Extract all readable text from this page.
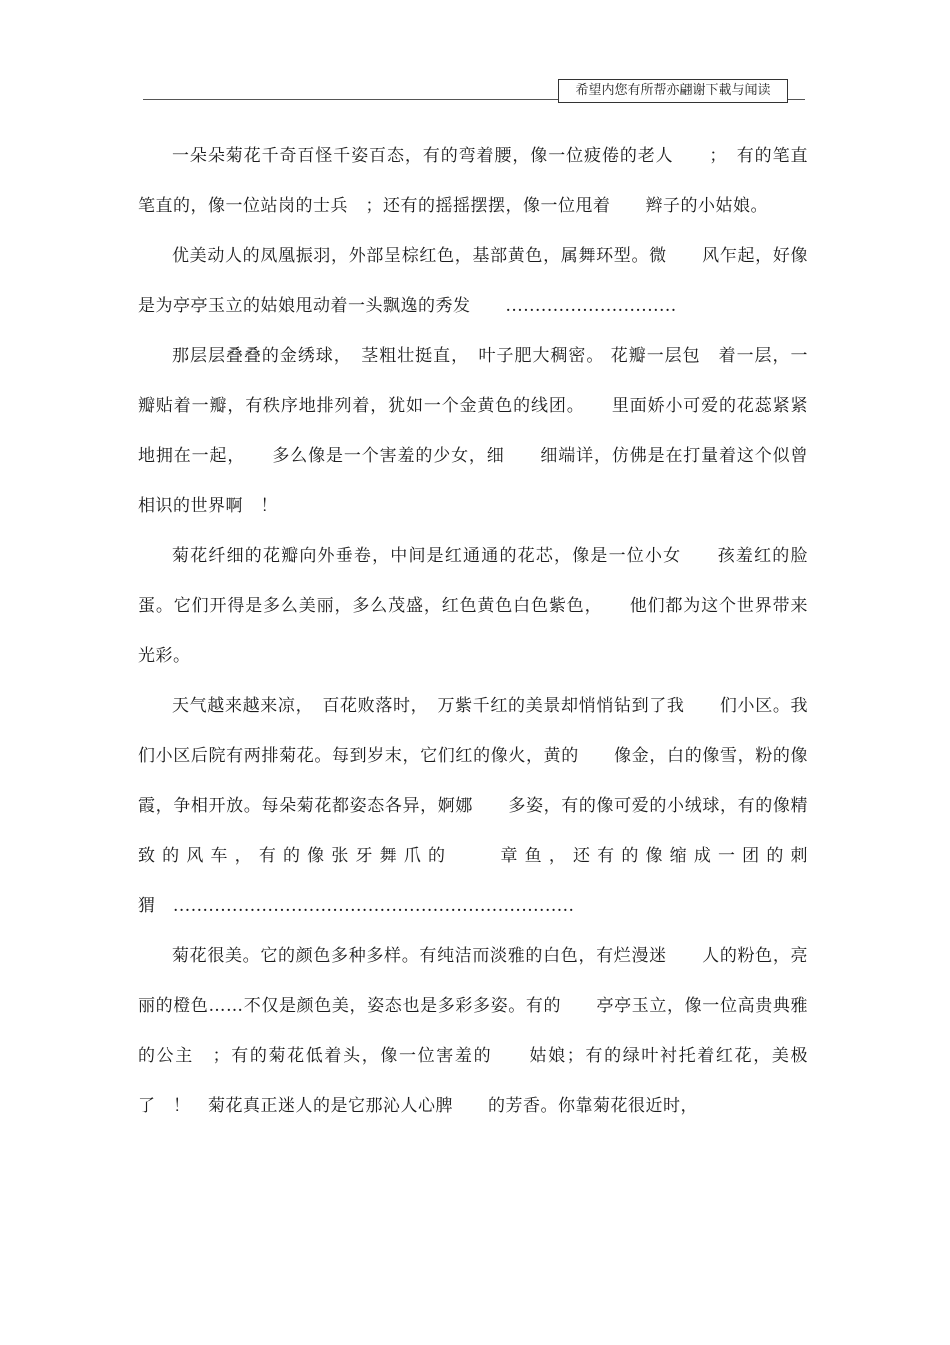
希望内您有所帮亦翩谢下載与闻读

一朵朵菊花千奇百怪千姿百态，有的弯着腰，像一位疲倦的老人　　；　有的笔直笔直的，像一位站岗的士兵　；还有的摇摇摆摆，像一位甩着　　辫子的小姑娘。

优美动人的凤凰振羽，外部呈棕红色，基部黄色，属舞环型。微　　风乍起，好像是为亭亭玉立的姑娘甩动着一头飘逸的秀发　　.............................

那层层叠叠的金绣球，　茎粗壮挺直，　叶子肥大稠密。 花瓣一层包　着一层，一瓣贴着一瓣，有秩序地排列着，犹如一个金黄色的线团。　　里面娇小可爱的花蕊紧紧地拥在一起，　　多么像是一个害羞的少女，细　　细端详，仿佛是在打量着这个似曾相识的世界啊　！

菊花纤细的花瓣向外垂卷，中间是红通通的花芯，像是一位小女　　孩羞红的脸蛋。它们开得是多么美丽，多么茂盛，红色黄色白色紫色，　　他们都为这个世界带来光彩。

天气越来越来凉，　百花败落时，　万紫千红的美景却悄悄钻到了我　　们小区。我们小区后院有两排菊花。每到岁末，它们红的像火，黄的　　像金，白的像雪，粉的像霞，争相开放。每朵菊花都姿态各异，婀娜　　多姿，有的像可爱的小绒球，有的像精致的风车，有的像张牙舞爪的　　章鱼，还有的像缩成一团的刺猬　....................................................................

菊花很美。它的颜色多种多样。有纯洁而淡雅的白色，有烂漫迷　　人的粉色，亮丽的橙色……不仅是颜色美，姿态也是多彩多姿。有的　　亭亭玉立，像一位高贵典雅的公主　；有的菊花低着头，像一位害羞的　　姑娘；有的绿叶衬托着红花，美极了　！　菊花真正迷人的是它那沁人心脾　　的芳香。你靠菊花很近时，
